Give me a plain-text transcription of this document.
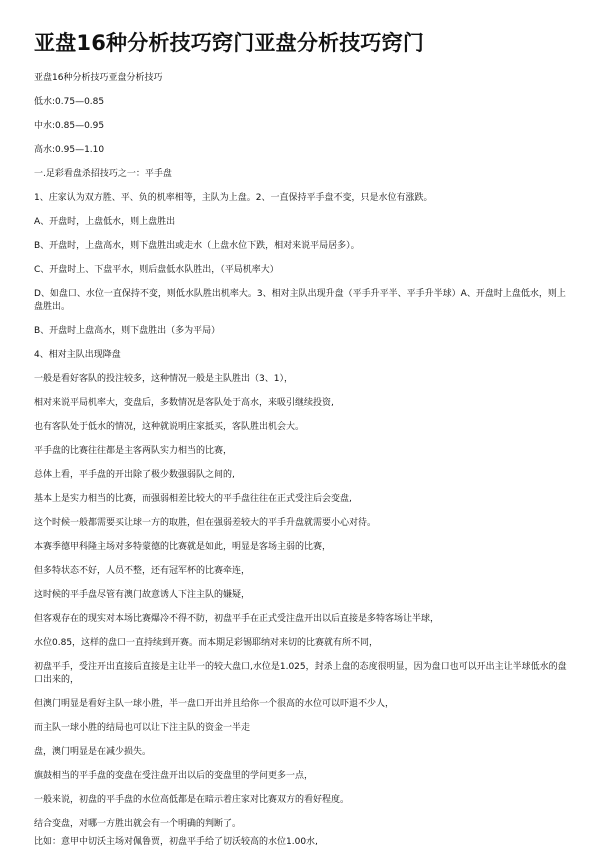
亚盘16种分析技巧窍门亚盘分析技巧窍门

亚盘16种分析技巧亚盘分析技巧

低水:0.75—0.85

中水:0.85—0.95

高水:0.95—1.10

一.足彩看盘杀招技巧之一：平手盘

1、庄家认为双方胜、平、负的机率相等，主队为上盘。2、一直保持平手盘不变，只是水位有涨跌。

A、开盘时，上盘低水，则上盘胜出

B、开盘时，上盘高水，则下盘胜出或走水（上盘水位下跌，相对来说平局居多）。

C、开盘时上、下盘平水，则后盘低水队胜出，（平局机率大）

D、如盘口、水位一直保持不变，则低水队胜出机率大。3、相对主队出现升盘（平手升平半、平手升半球）A、开盘时上盘低水，则上盘胜出。

B、开盘时上盘高水，则下盘胜出（多为平局）

4、相对主队出现降盘

一般是看好客队的投注较多，这种情况一般是主队胜出（3、1），

相对来说平局机率大，变盘后，多数情况是客队处于高水，来吸引继续投资,

也有客队处于低水的情况，这种就说明庄家抵买，客队胜出机会大。

平手盘的比赛往往都是主客两队实力相当的比赛，

总体上看，平手盘的开出除了极少数强弱队之间的,

基本上是实力相当的比赛，而强弱相差比较大的平手盘往往在正式受注后会变盘,

这个时候一般都需要买让球一方的取胜，但在强弱差较大的平手升盘就需要小心对待。

本赛季德甲科隆主场对多特蒙德的比赛就是如此，明显是客场主弱的比赛，

但多特状态不好，人员不整，还有冠军杯的比赛牵连，

这时候的平手盘尽管有澳门故意诱人下注主队的嫌疑，

但客观存在的现实对本场比赛爆冷不得不防，初盘平手在正式受注盘开出以后直接是多特客场让半球，

水位0.85，这样的盘口一直持续到开赛。而本期足彩锡耶纳对来切的比赛就有所不同，

初盘平手，受注开出直接后直接是主让半一的较大盘口,水位是1.025，封杀上盘的态度很明显，因为盘口也可以开出主让半球低水的盘口出来的，

但澳门明显是看好主队一球小胜，半一盘口开出并且给你一个很高的水位可以吓退不少人，

而主队一球小胜的结局也可以让下注主队的资金一半走

盘，澳门明显是在减少损失。

旗鼓相当的平手盘的变盘在受注盘开出以后的变盘里的学问更多一点，

一般来说，初盘的平手盘的水位高低都是在暗示着庄家对比赛双方的看好程度。

结合变盘，对哪一方胜出就会有一个明确的判断了。

比如：意甲中切沃主场对佩鲁贾，初盘平手给了切沃较高的水位1.00水,
